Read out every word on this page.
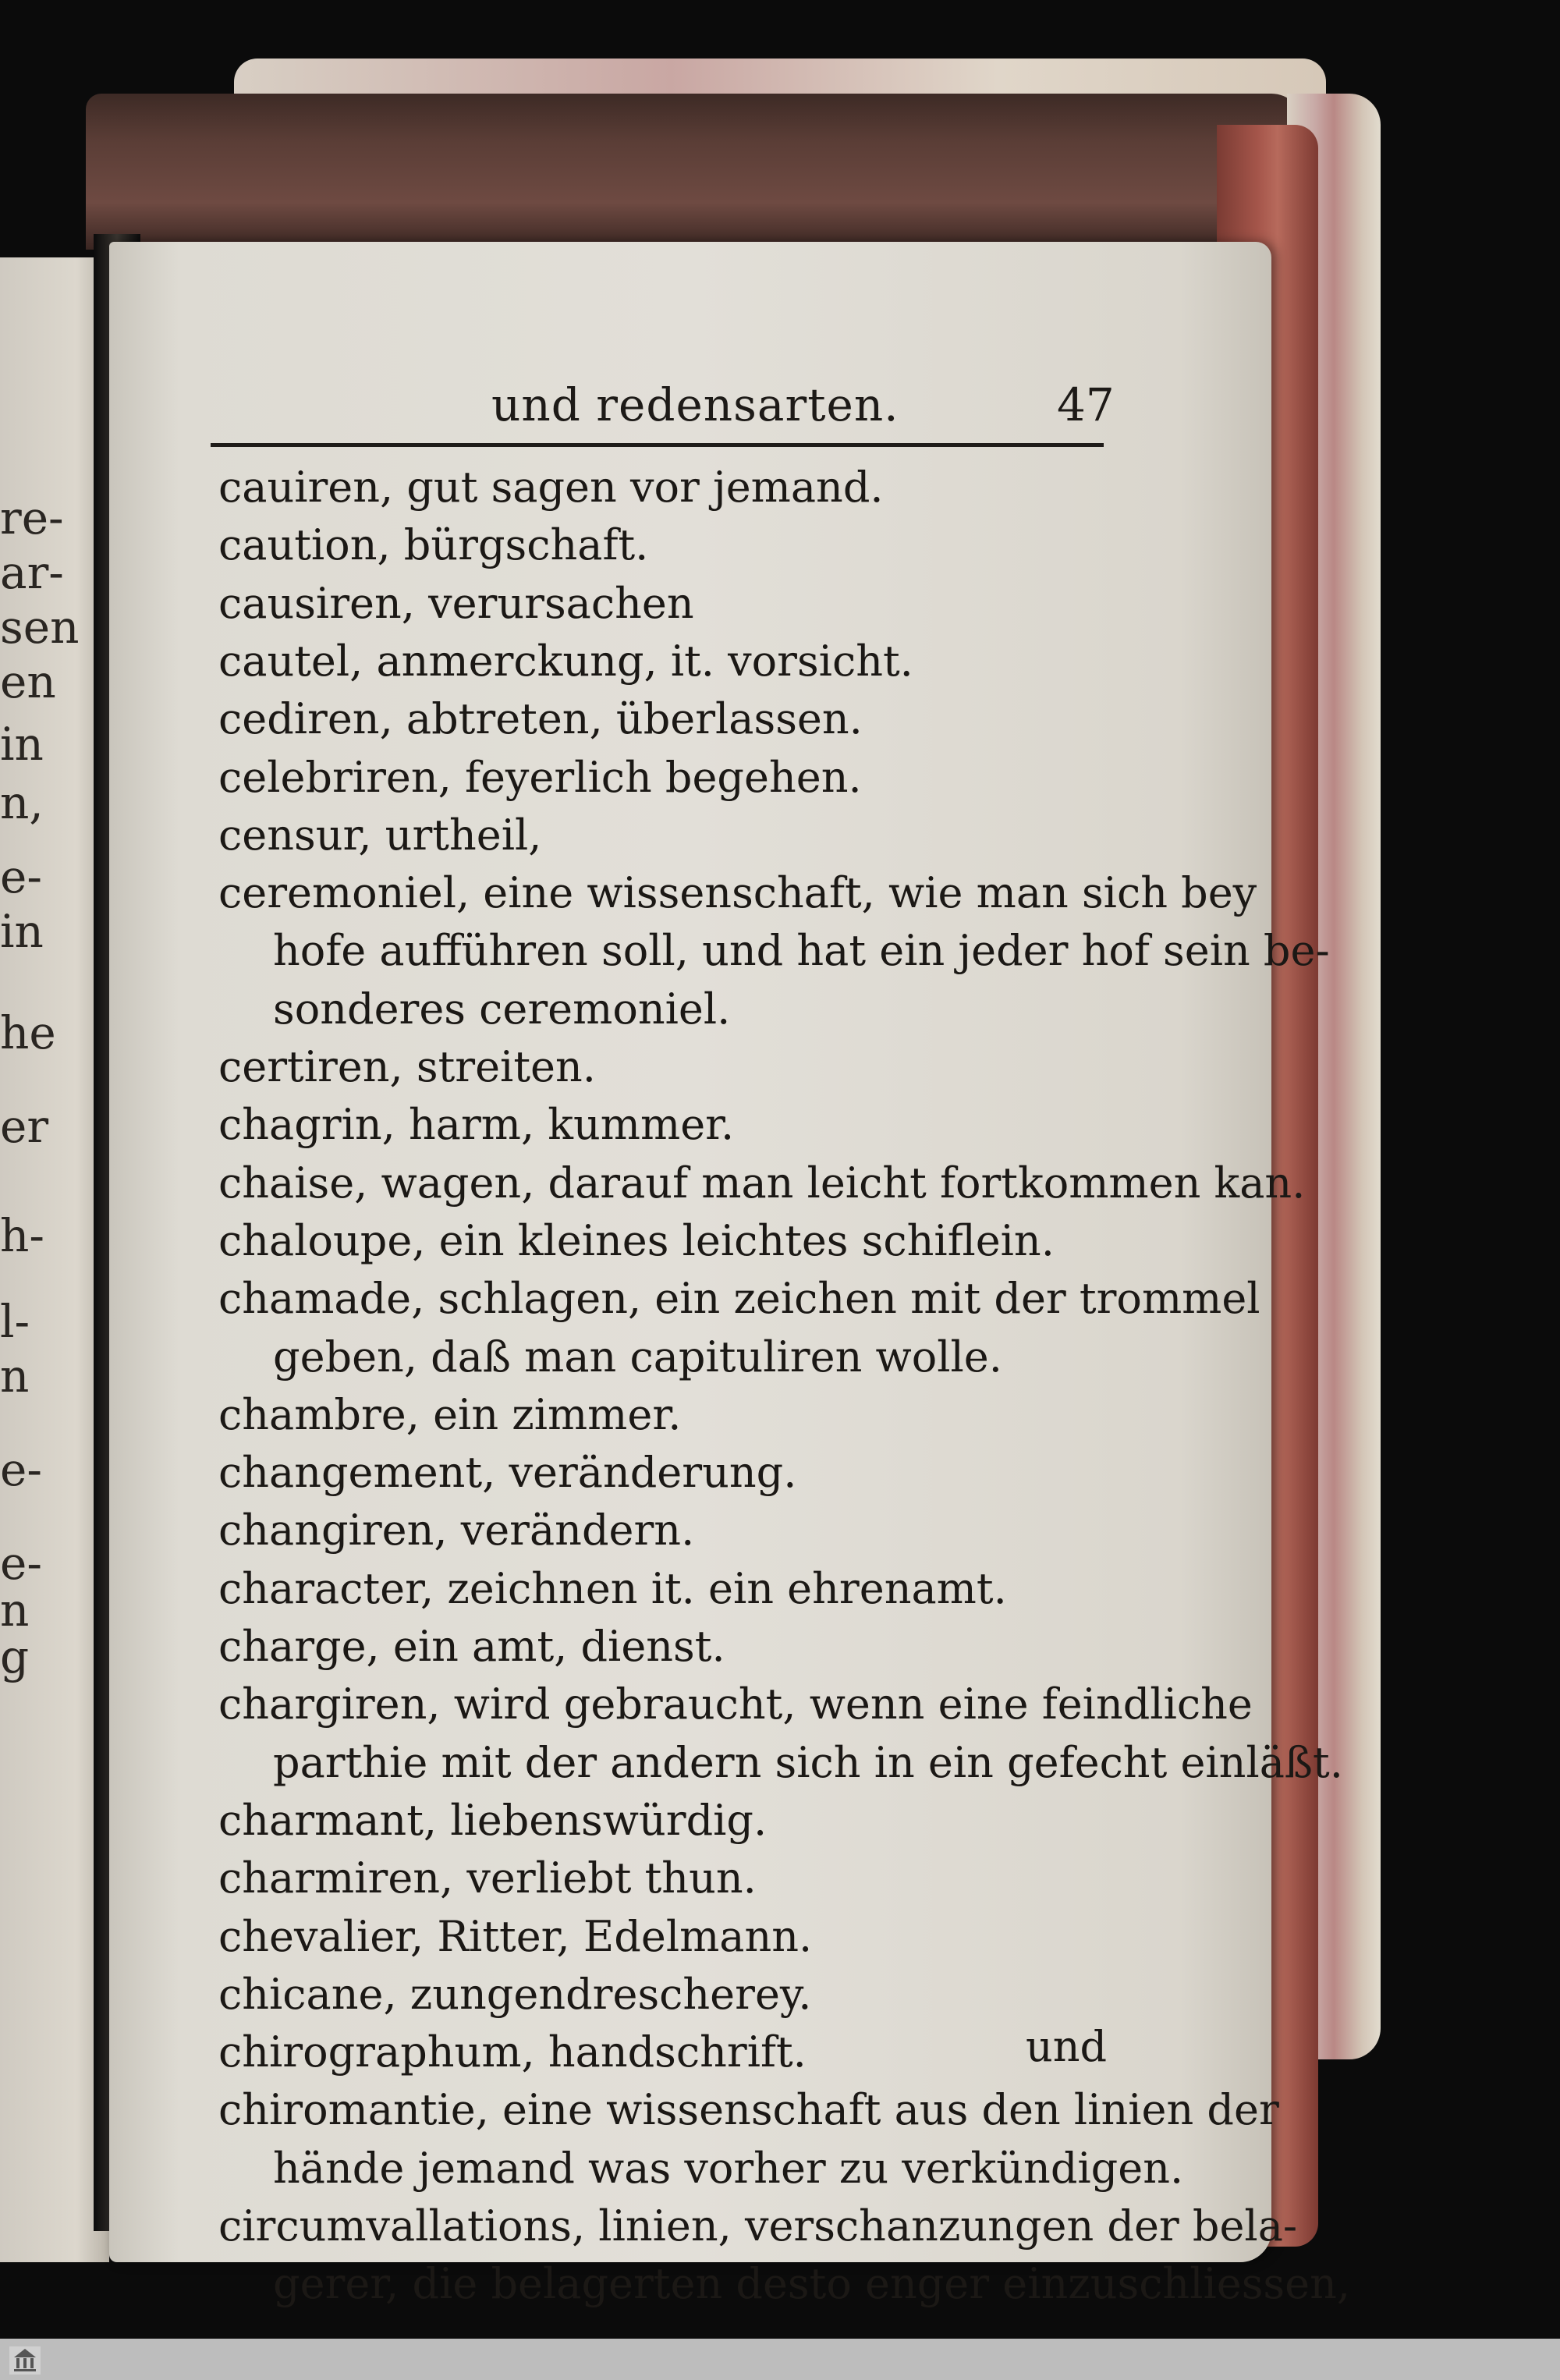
re-
ar-
sen
en
in
n,
e-
in
he
er
h-
l-
n
e-
e-
n
g
und redensarten.	47
cauiren, gut sagen vor jemand.
caution, bürgschaft.
causiren, verursachen
cautel, anmerckung, it. vorsicht.
cediren, abtreten, überlassen.
celebriren, feyerlich begehen.
censur, urtheil,
ceremoniel, eine wissenschaft, wie man sich bey
hofe aufführen soll, und hat ein jeder hof sein be-
sonderes ceremoniel.
certiren, streiten.
chagrin, harm, kummer.
chaise, wagen, darauf man leicht fortkommen kan.
chaloupe, ein kleines leichtes schiflein.
chamade, schlagen, ein zeichen mit der trommel
geben, daß man capituliren wolle.
chambre, ein zimmer.
changement, veränderung.
changiren, verändern.
character, zeichnen it. ein ehrenamt.
charge, ein amt, dienst.
chargiren, wird gebraucht, wenn eine feindliche
parthie mit der andern sich in ein gefecht einläßt.
charmant, liebenswürdig.
charmiren, verliebt thun.
chevalier, Ritter, Edelmann.
chicane, zungendrescherey.
chirographum, handschrift.
chiromantie, eine wissenschaft aus den linien der
hände jemand was vorher zu verkündigen.
circumvallations, linien, verschanzungen der bela-
gerer, die belagerten desto enger einzuschliessen,
und
